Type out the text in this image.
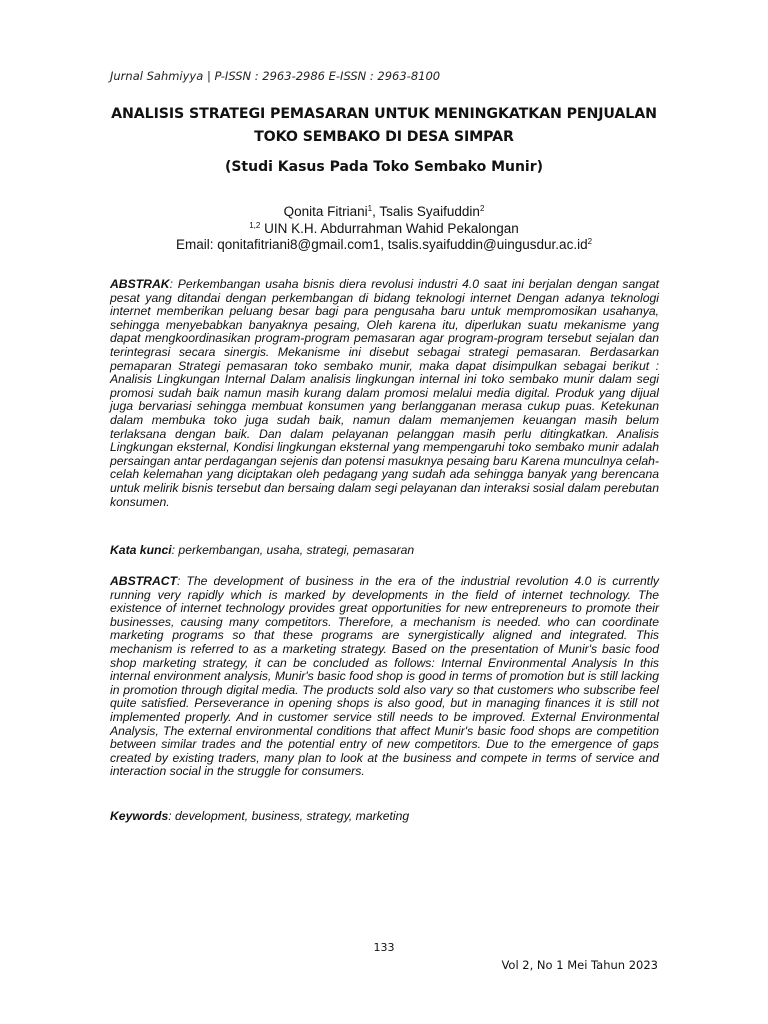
Jurnal Sahmiyya | P-ISSN : 2963-2986 E-ISSN : 2963-8100
ANALISIS STRATEGI PEMASARAN UNTUK MENINGKATKAN PENJUALAN
TOKO SEMBAKO DI DESA SIMPAR
(Studi Kasus Pada Toko Sembako Munir)
Qonita Fitriani$^1$, Tsalis Syaifuddin$^2$
$^{1,2}$ UIN K.H. Abdurrahman Wahid Pekalongan
Email: qonitafitriani8@gmail.com1, $tsalis.syaifuddin@uingusdur.ac.id^2$
ABSTRAK: Perkembangan usaha bisnis diera revolusi industri 4.0 saat ini berjalan dengan sangat pesat yang ditandai dengan perkembangan di bidang teknologi internet Dengan adanya teknologi internet memberikan peluang besar bagi para pengusaha baru untuk mempromosikan usahanya, sehingga menyebabkan banyaknya pesaing, Oleh karena itu, diperlukan suatu mekanisme yang dapat mengkoordinasikan program-program pemasaran agar program-program tersebut sejalan dan terintegrasi secara sinergis. Mekanisme ini disebut sebagai strategi pemasaran. Berdasarkan pemaparan Strategi pemasaran toko sembako munir, maka dapat disimpulkan sebagai berikut : Analisis Lingkungan Internal Dalam analisis lingkungan internal ini toko sembako munir dalam segi promosi sudah baik namun masih kurang dalam promosi melalui media digital. Produk yang dijual juga bervariasi sehingga membuat konsumen yang berlangganan merasa cukup puas. Ketekunan dalam membuka toko juga sudah baik, namun dalam memanjemen keuangan masih belum terlaksana dengan baik. Dan dalam pelayanan pelanggan masih perlu ditingkatkan. Analisis Lingkungan eksternal, Kondisi lingkungan eksternal yang mempengaruhi toko sembako munir adalah persaingan antar perdagangan sejenis dan potensi masuknya pesaing baru Karena munculnya celah-celah kelemahan yang diciptakan oleh pedagang yang sudah ada sehingga banyak yang berencana untuk melirik bisnis tersebut dan bersaing dalam segi pelayanan dan interaksi sosial dalam perebutan konsumen.
Kata kunci: perkembangan, usaha, strategi, pemasaran
ABSTRACT: The development of business in the era of the industrial revolution 4.0 is currently running very rapidly which is marked by developments in the field of internet technology. The existence of internet technology provides great opportunities for new entrepreneurs to promote their businesses, causing many competitors. Therefore, a mechanism is needed. who can coordinate marketing programs so that these programs are synergistically aligned and integrated. This mechanism is referred to as a marketing strategy. Based on the presentation of Munir's basic food shop marketing strategy, it can be concluded as follows: Internal Environmental Analysis In this internal environment analysis, Munir's basic food shop is good in terms of promotion but is still lacking in promotion through digital media. The products sold also vary so that customers who subscribe feel quite satisfied. Perseverance in opening shops is also good, but in managing finances it is still not implemented properly. And in customer service still needs to be improved. External Environmental Analysis, The external environmental conditions that affect Munir's basic food shops are competition between similar trades and the potential entry of new competitors. Due to the emergence of gaps created by existing traders, many plan to look at the business and compete in terms of service and interaction social in the struggle for consumers.
Keywords: development, business, strategy, marketing
133
Vol 2, No 1 Mei Tahun 2023
